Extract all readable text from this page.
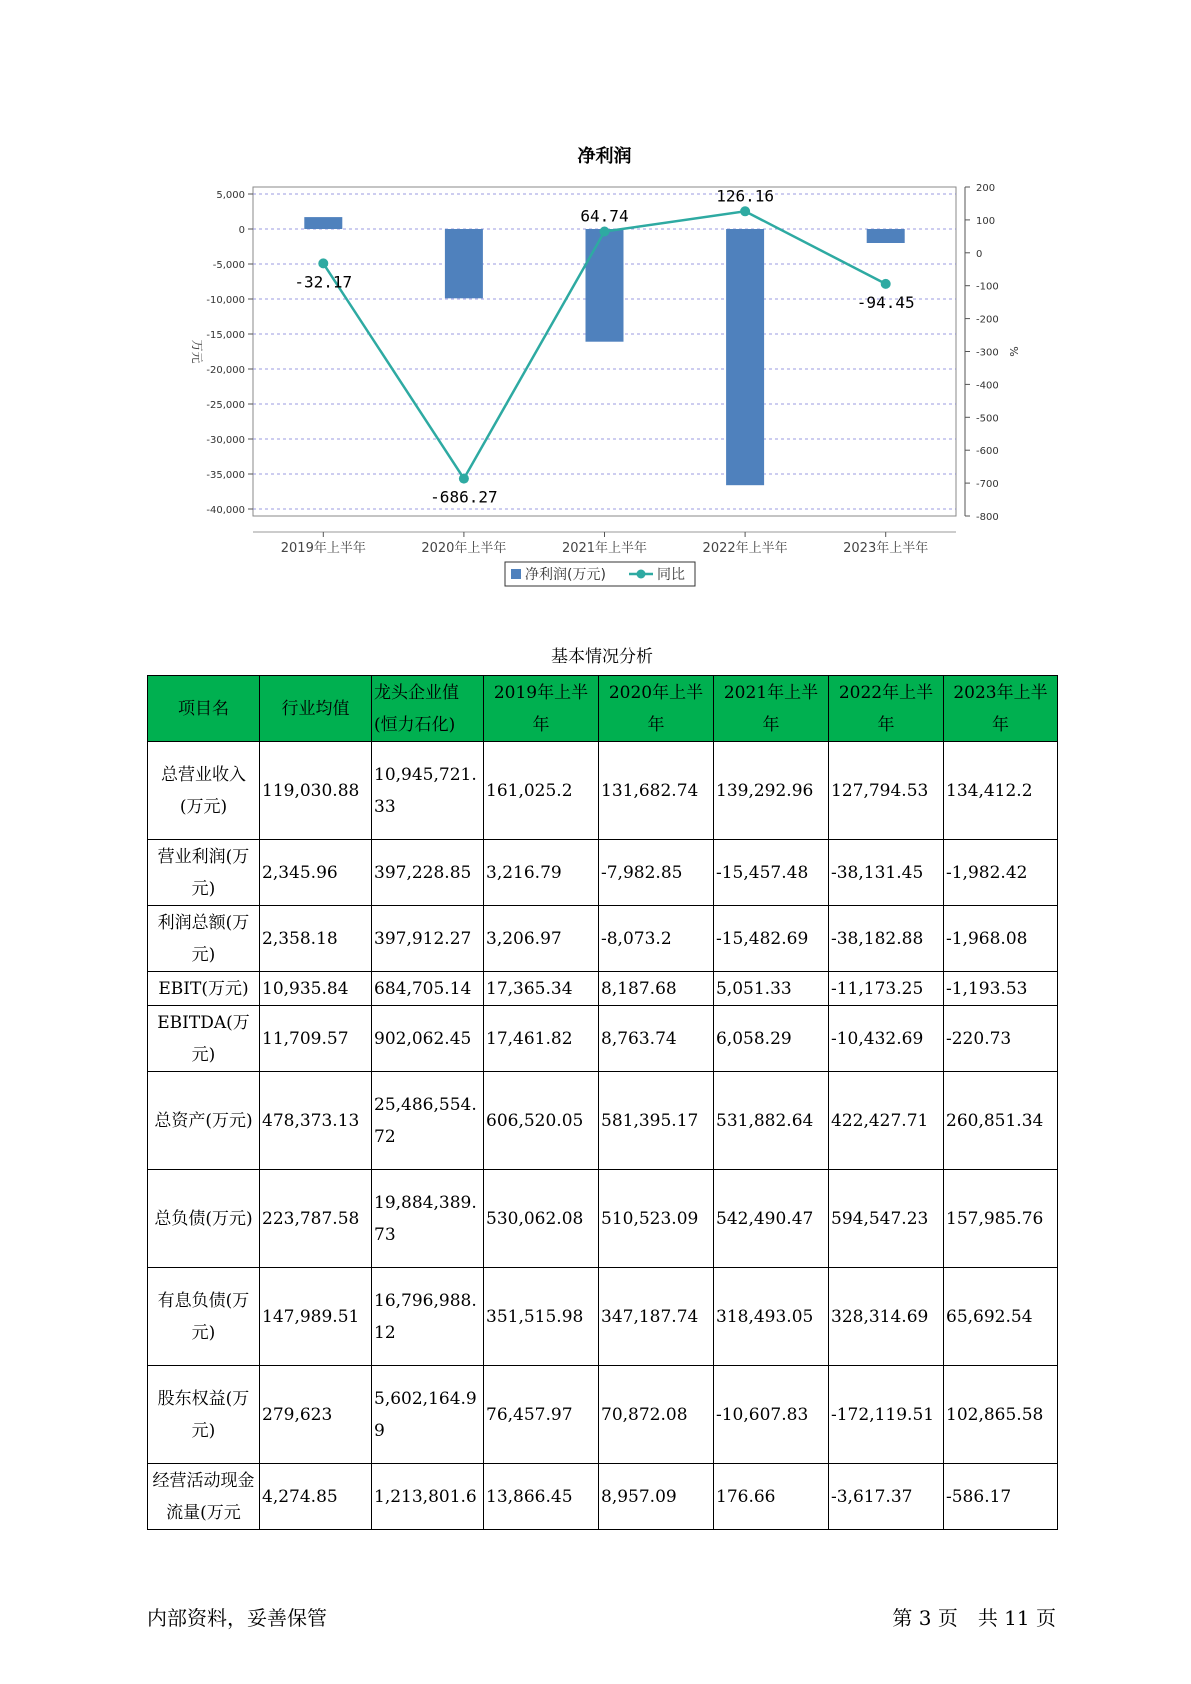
净利润
5,000
0
-5,000
-10,000
-15,000
-20,000
-25,000
-30,000
-35,000
-40,000
200
100
0
-100
-200
-300
-400
-500
-600
-700
-800
万元	%
2019年上半年	2020年上半年	2021年上半年	2022年上半年	2023年上半年
-32.17
-686.27
64.74
126.16
-94.45
净利润(万元)	同比
基本情况分析
项目名	行业均值	龙头企业值(恒力石化)	2019年上半年	2020年上半年	2021年上半年	2022年上半年	2023年上半年
总营业收入(万元)	119,030.88	10,945,721.33	161,025.2	131,682.74	139,292.96	127,794.53	134,412.2
营业利润(万元)	2,345.96	397,228.85	3,216.79	-7,982.85	-15,457.48	-38,131.45	-1,982.42
利润总额(万元)	2,358.18	397,912.27	3,206.97	-8,073.2	-15,482.69	-38,182.88	-1,968.08
EBIT(万元)	10,935.84	684,705.14	17,365.34	8,187.68	5,051.33	-11,173.25	-1,193.53
EBITDA(万元)	11,709.57	902,062.45	17,461.82	8,763.74	6,058.29	-10,432.69	-220.73
总资产(万元)	478,373.13	25,486,554.72	606,520.05	581,395.17	531,882.64	422,427.71	260,851.34
总负债(万元)	223,787.58	19,884,389.73	530,062.08	510,523.09	542,490.47	594,547.23	157,985.76
有息负债(万元)	147,989.51	16,796,988.12	351,515.98	347,187.74	318,493.05	328,314.69	65,692.54
股东权益(万元)	279,623	5,602,164.99	76,457.97	70,872.08	-10,607.83	-172,119.51	102,865.58
经营活动现金流量(万元	4,274.85	1,213,801.6	13,866.45	8,957.09	176.66	-3,617.37	-586.17
内部资料，妥善保管	第 3 页　共 11 页
